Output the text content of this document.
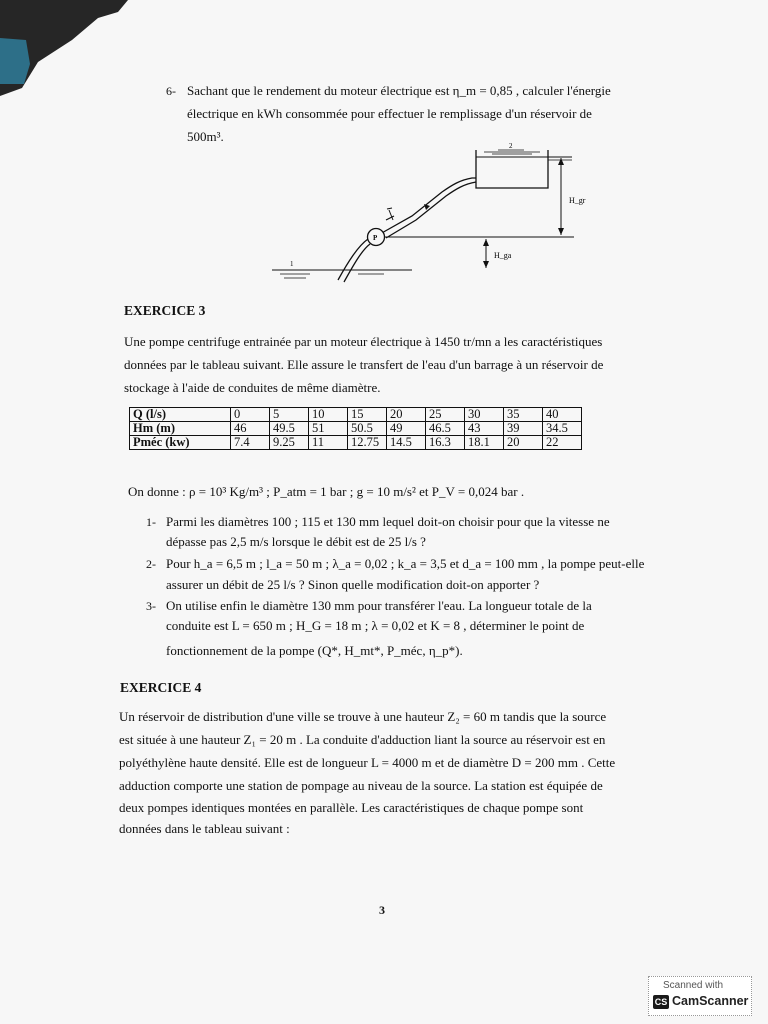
6- Sachant que le rendement du moteur électrique est η_m = 0,85 , calculer l'énergie
électrique en kWh consommée pour effectuer le remplissage d'un réservoir de
500m³.
2
P
1
H_gr
H_ga
EXERCICE 3
Une pompe centrifuge entrainée par un moteur électrique à 1450 tr/mn a les caractéristiques
données par le tableau suivant. Elle assure le transfert de l'eau d'un barrage à un réservoir de
stockage à l'aide de conduites de même diamètre.
Q (l/s)	0	5	10	15	20	25	30	35	40
Hm (m)	46	49.5	51	50.5	49	46.5	43	39	34.5
Pméc (kw)	7.4	9.25	11	12.75	14.5	16.3	18.1	20	22
On donne : ρ = 10³ Kg/m³ ; P_atm = 1 bar ; g = 10 m/s² et P_V = 0,024 bar .
1- Parmi les diamètres 100 ; 115 et 130 mm lequel doit-on choisir pour que la vitesse ne
dépasse pas 2,5 m/s lorsque le débit est de 25 l/s ?
2- Pour h_a = 6,5 m ; l_a = 50 m ; λ_a = 0,02 ; k_a = 3,5 et d_a = 100 mm , la pompe peut-elle
assurer un débit de 25 l/s ? Sinon quelle modification doit-on apporter ?
3- On utilise enfin le diamètre 130 mm pour transférer l'eau. La longueur totale de la
conduite est L = 650 m ; H_G = 18 m ; λ = 0,02 et K = 8 , déterminer le point de
fonctionnement de la pompe (Q*, H_mt*, P_méc, η_p*).
EXERCICE 4
Un réservoir de distribution d'une ville se trouve à une hauteur Z₂ = 60 m tandis que la source
est située à une hauteur Z₁ = 20 m . La conduite d'adduction liant la source au réservoir est en
polyéthylène haute densité. Elle est de longueur L = 4000 m et de diamètre D = 200 mm . Cette
adduction comporte une station de pompage au niveau de la source. La station est équipée de
deux pompes identiques montées en parallèle. Les caractéristiques de chaque pompe sont
données dans le tableau suivant :
3
Scanned with
CS CamScanner
